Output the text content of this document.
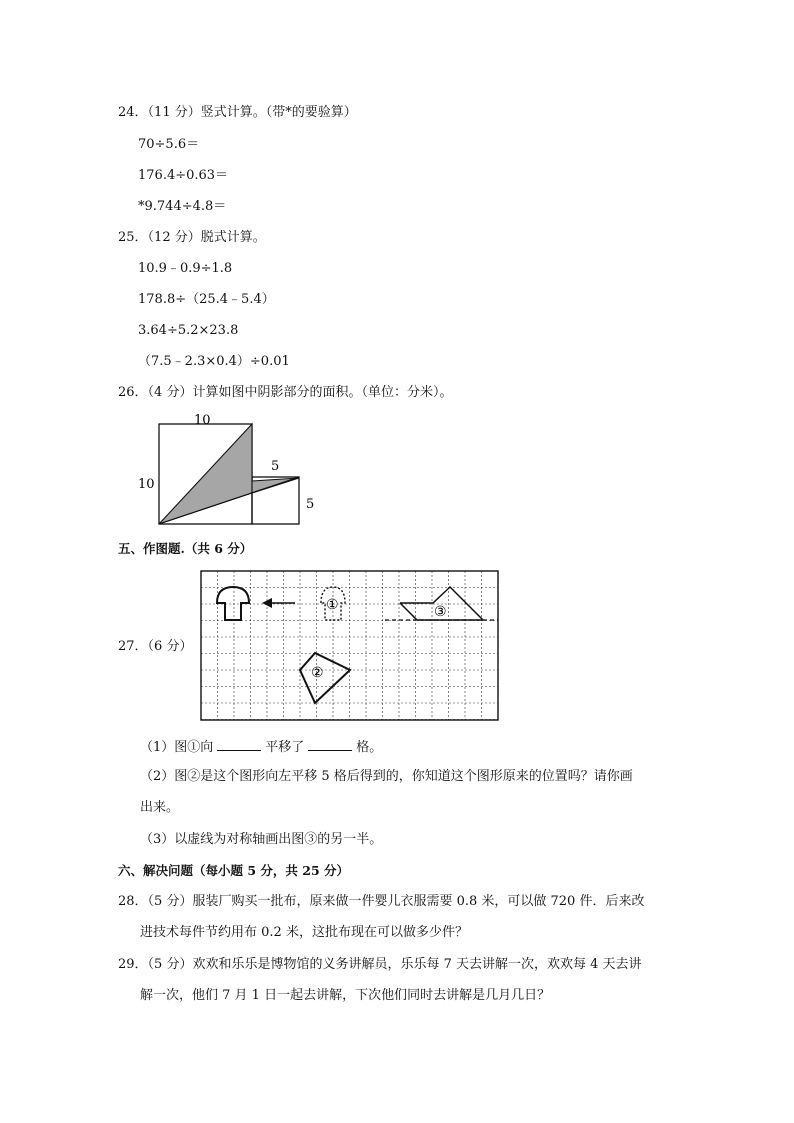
24．（11 分）竖式计算。（带*的要验算）
70÷5.6＝
176.4÷0.63＝
*9.744÷4.8＝
25．（12 分）脱式计算。
10.9﹣0.9÷1.8
178.8÷（25.4﹣5.4）
3.64÷5.2×23.8
（7.5﹣2.3×0.4）÷0.01
26．（4 分）计算如图中阴影部分的面积。（单位：分米）。
10
10
5
5
五、作图题.（共 6 分）
27．（6 分）
①	③
②
（1）图①向	平移了	格。
（2）图②是这个图形向左平移 5 格后得到的，你知道这个图形原来的位置吗？请你画
出来。
（3）以虚线为对称轴画出图③的另一半。
六、解决问题（每小题 5 分，共 25 分）
28．（5 分）服装厂购买一批布，原来做一件婴儿衣服需要 0.8 米，可以做 720 件．后来改
进技术每件节约用布 0.2 米，这批布现在可以做多少件？
29．（5 分）欢欢和乐乐是博物馆的义务讲解员，乐乐每 7 天去讲解一次，欢欢每 4 天去讲
解一次，他们 7 月 1 日一起去讲解，下次他们同时去讲解是几月几日？
